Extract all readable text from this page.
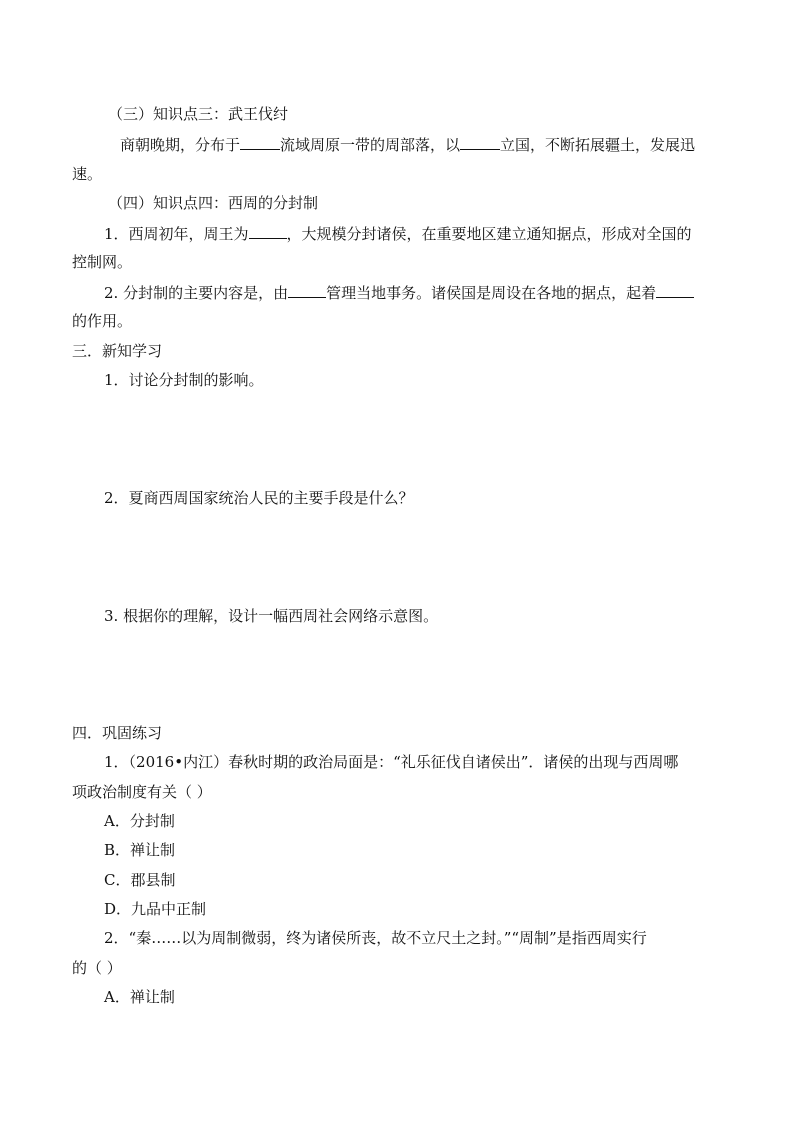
（三）知识点三：武王伐纣
商朝晚期，分布于	流域周原一带的周部落，以	立国，不断拓展疆土，发展迅
速。
（四）知识点四：西周的分封制
1．西周初年，周王为	，大规模分封诸侯，在重要地区建立通知据点，形成对全国的
控制网。
2. 分封制的主要内容是，由	管理当地事务。诸侯国是周设在各地的据点，起着
的作用。
三．新知学习
1．讨论分封制的影响。
2．夏商西周国家统治人民的主要手段是什么？
3. 根据你的理解，设计一幅西周社会网络示意图。
四．巩固练习
1．（2016•内江）春秋时期的政治局面是：“礼乐征伐自诸侯出”．诸侯的出现与西周哪
项政治制度有关（ ）
A．分封制
B．禅让制
C．郡县制
D．九品中正制
2．“秦……以为周制微弱，终为诸侯所丧，故不立尺土之封。”“周制”是指西周实行
的（ ）
A．禅让制
